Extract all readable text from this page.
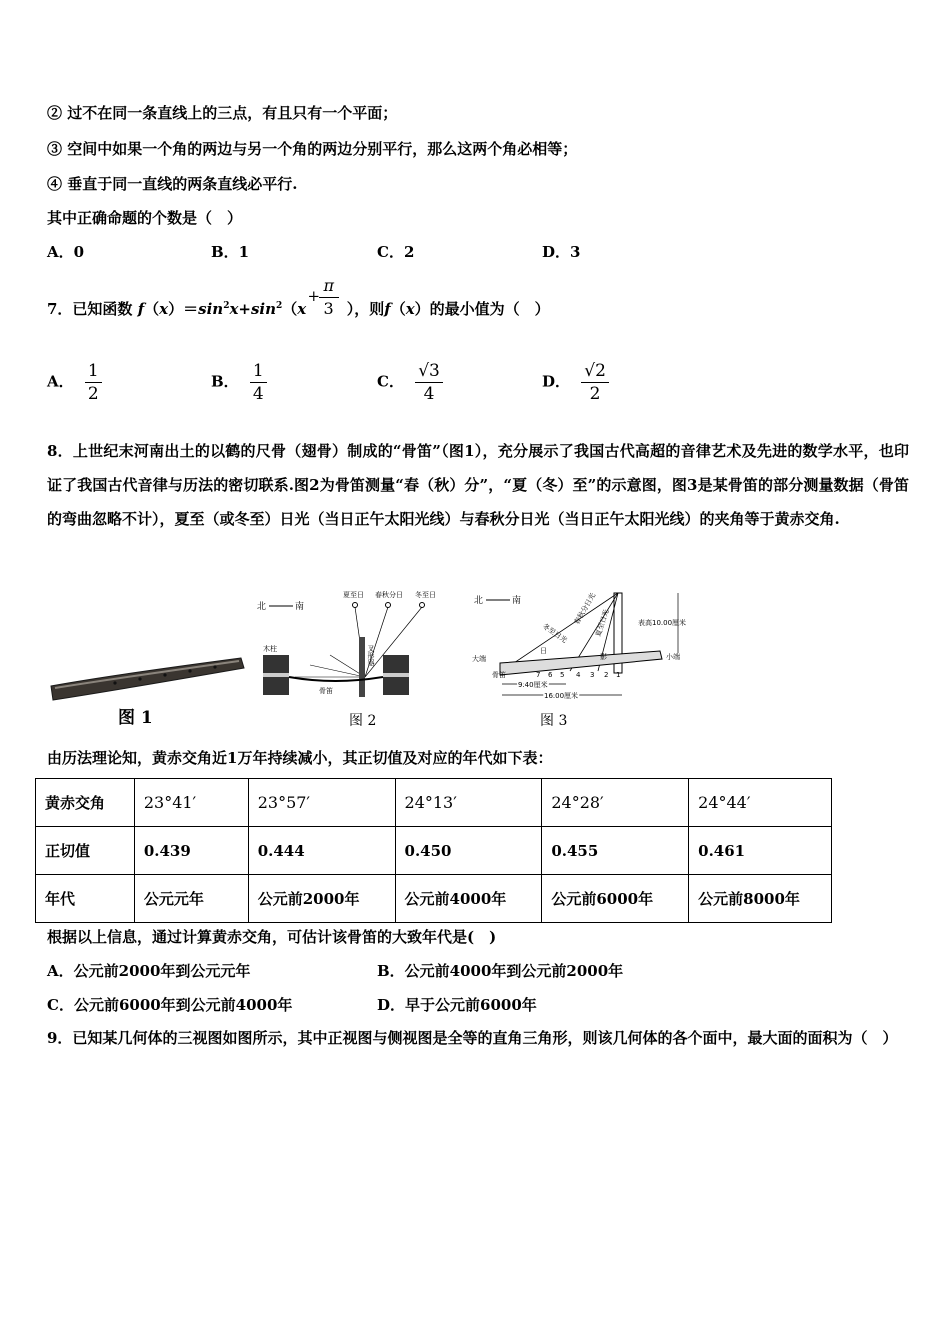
② 过不在同一条直线上的三点，有且只有一个平面；
③ 空间中如果一个角的两边与另一个角的两边分别平行，那么这两个角必相等；
④ 垂直于同一直线的两条直线必平行.
其中正确命题的个数是（　）
A．0	B．1	C．2	D．3
7．已知函数 $f(x)=\sin^2x+\sin^2(x$
+
π
3 ），则f（x）的最小值为（　）
A． $\frac{1}{2}$	B． $\frac{1}{4}$	C． $\frac{√3}{4}$	D． $\frac{√2}{2}$
8．上世纪末河南出土的以鹤的尺骨（翅骨）制成的“骨笛”（图1），充分展示了我国古代高超的音律艺术及先进的数学水平，也印证了我国古代音律与历法的密切联系.图2为骨笛测量“春（秋）分”，“夏（冬）至”的示意图，图3是某骨笛的部分测量数据（骨笛的弯曲忽略不计），夏至（或冬至）日光（当日正午太阳光线）与春秋分日光（当日正午太阳光线）的夹角等于黄赤交角.
图 1
北	南
夏至日 春秋分日 冬至日
木柱	叉形器
骨笛
图 2
北	南
冬至日光
春秋分日光
夏至日光	表高10.00厘米
大端	小端
日
影
骨笛	7 6 5 4 3 2 1
9.40厘米
16.00厘米
图 3
由历法理论知，黄赤交角近1万年持续减小，其正切值及对应的年代如下表：
黄赤交角	23°41′	23°57′	24°13′	24°28′	24°44′
正切值	0.439	0.444	0.450	0.455	0.461
年代	公元元年	公元前2000年	公元前4000年	公元前6000年	公元前8000年
根据以上信息，通过计算黄赤交角，可估计该骨笛的大致年代是(　)
A．公元前2000年到公元元年	B．公元前4000年到公元前2000年
C．公元前6000年到公元前4000年	D．早于公元前6000年
9．已知某几何体的三视图如图所示，其中正视图与侧视图是全等的直角三角形，则该几何体的各个面中，最大面的面积为（　）
